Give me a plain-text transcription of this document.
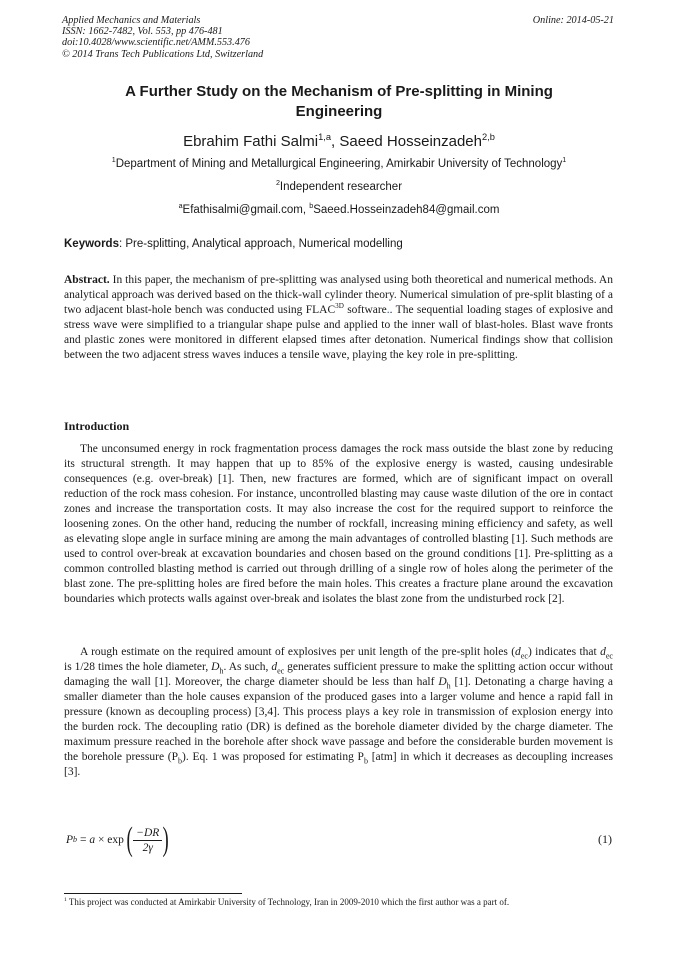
Applied Mechanics and Materials
ISSN: 1662-7482, Vol. 553, pp 476-481
doi:10.4028/www.scientific.net/AMM.553.476
© 2014 Trans Tech Publications Ltd, Switzerland
Online: 2014-05-21
A Further Study on the Mechanism of Pre-splitting in Mining Engineering
Ebrahim Fathi Salmi$^{1,a}$, Saeed Hosseinzadeh$^{2,b}$
$^1$Department of Mining and Metallurgical Engineering, Amirkabir University of Technology$^1$
$^2$Independent researcher
$^a$Efathisalmi@gmail.com, $^b$Saeed.Hosseinzadeh84@gmail.com
Keywords: Pre-splitting, Analytical approach, Numerical modelling
Abstract. In this paper, the mechanism of pre-splitting was analysed using both theoretical and numerical methods. An analytical approach was derived based on the thick-wall cylinder theory. Numerical simulation of pre-split blasting of a two adjacent blast-hole bench was conducted using $FLAC^{3D}$ software.. The sequential loading stages of explosive and stress wave were simplified to a triangular shape pulse and applied to the inner wall of blast-holes. Blast wave fronts and plastic zones were monitored in different elapsed times after detonation. Numerical findings show that collision between the two adjacent stress waves induces a tensile wave, playing the key role in pre-splitting.
Introduction
The unconsumed energy in rock fragmentation process damages the rock mass outside the blast zone by reducing its structural strength. It may happen that up to 85% of the explosive energy is wasted, causing undesirable consequences (e.g. over-break) [1]. Then, new fractures are formed, which are of significant impact on overall reduction of the rock mass cohesion. For instance, uncontrolled blasting may cause waste dilution of the ore in contact zones and increase the transportation costs. It may also increase the cost for the required support to reinforce the loosening zones. On the other hand, reducing the number of rockfall, increasing mining efficiency and safety, as well as elevating slope angle in surface mining are among the main advantages of controlled blasting [1]. Such methods are used to control over-break at excavation boundaries and chosen based on the ground conditions [1]. Pre-splitting as a common controlled blasting method is carried out through drilling of a single row of holes along the perimeter of the blast zone. The pre-splitting holes are fired before the main holes. This creates a fracture plane around the excavation boundaries which protects walls against over-break and isolates the blast zone from the undisturbed rock [2].
A rough estimate on the required amount of explosives per unit length of the pre-split holes $(d_{ec})$ indicates that $d_{ec}$ is 1/28 times the hole diameter, $D_h$. As such, $d_{ec}$ generates sufficient pressure to make the splitting action occur without damaging the wall [1]. Moreover, the charge diameter should be less than half $D_h$ [1]. Detonating a charge having a smaller diameter than the hole causes expansion of the produced gases into a larger volume and hence a rapid fall in pressure (known as decoupling process) [3,4]. This process plays a key role in transmission of explosion energy into the burden rock. The decoupling ratio (DR) is defined as the borehole diameter divided by the charge diameter. The maximum pressure reached in the borehole after shock wave passage and before the considerable burden movement is the borehole pressure $(P_b)$. Eq. 1 was proposed for estimating $P_b$ [atm] in which it decreases as decoupling increases [3].
P b = a × exp ( $\frac{-DR}{2\gamma}$ )	(1)
$^1$ This project was conducted at Amirkabir University of Technology, Iran in 2009-2010 which the first author was a part of.
